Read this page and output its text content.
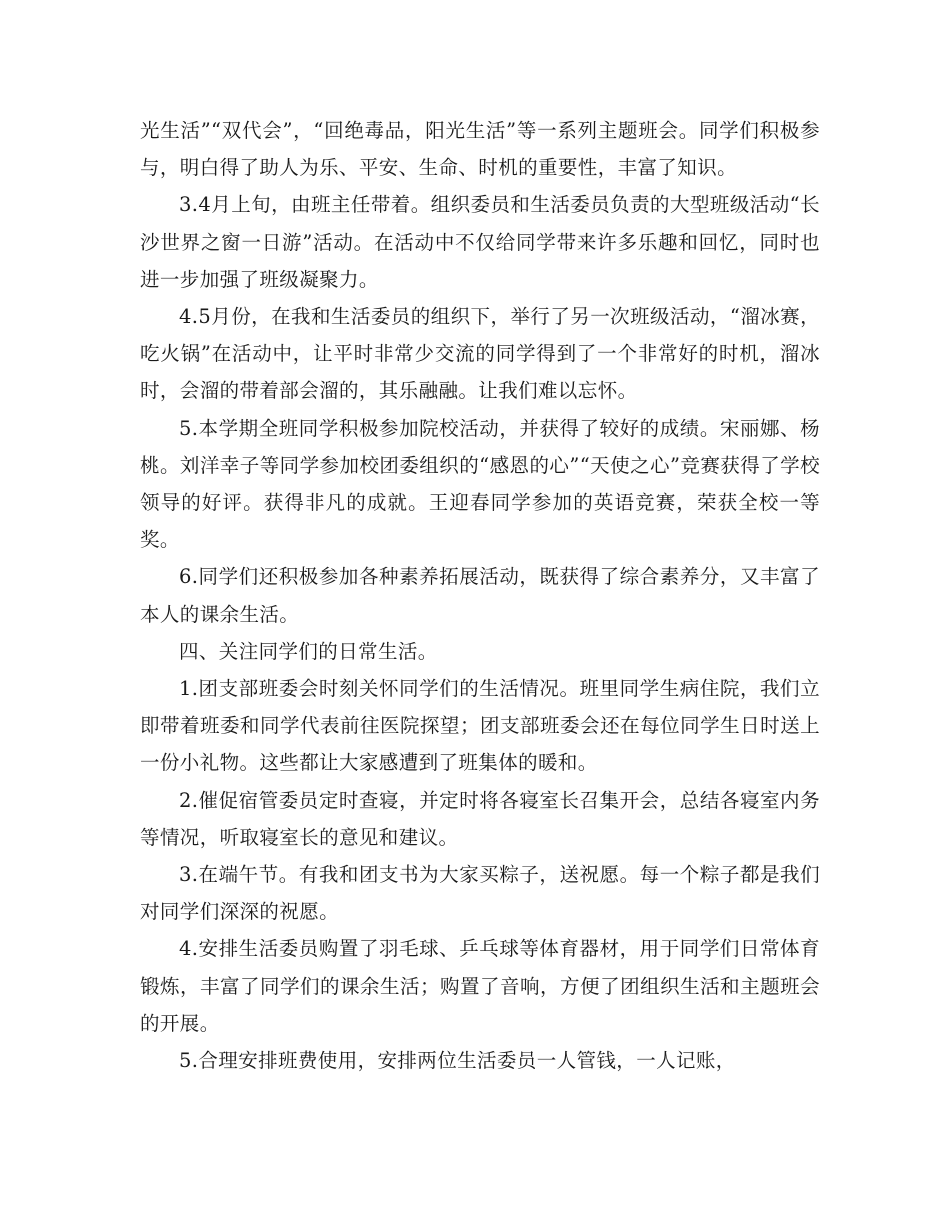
光生活”“双代会”，“回绝毒品，阳光生活”等一系列主题班会。同学们积极参与，明白得了助人为乐、平安、生命、时机的重要性，丰富了知识。

3.4月上旬，由班主任带着。组织委员和生活委员负责的大型班级活动“长沙世界之窗一日游”活动。在活动中不仅给同学带来许多乐趣和回忆，同时也进一步加强了班级凝聚力。

4.5月份，在我和生活委员的组织下，举行了另一次班级活动，“溜冰赛，吃火锅”在活动中，让平时非常少交流的同学得到了一个非常好的时机，溜冰时，会溜的带着部会溜的，其乐融融。让我们难以忘怀。

5.本学期全班同学积极参加院校活动，并获得了较好的成绩。宋丽娜、杨桃。刘洋幸子等同学参加校团委组织的“感恩的心”“天使之心”竞赛获得了学校领导的好评。获得非凡的成就。王迎春同学参加的英语竞赛，荣获全校一等奖。

6.同学们还积极参加各种素养拓展活动，既获得了综合素养分，又丰富了本人的课余生活。

四、关注同学们的日常生活。

1.团支部班委会时刻关怀同学们的生活情况。班里同学生病住院，我们立即带着班委和同学代表前往医院探望；团支部班委会还在每位同学生日时送上一份小礼物。这些都让大家感遭到了班集体的暖和。

2.催促宿管委员定时查寝，并定时将各寝室长召集开会，总结各寝室内务等情况，听取寝室长的意见和建议。

3.在端午节。有我和团支书为大家买粽子，送祝愿。每一个粽子都是我们对同学们深深的祝愿。

4.安排生活委员购置了羽毛球、乒乓球等体育器材，用于同学们日常体育锻炼，丰富了同学们的课余生活；购置了音响，方便了团组织生活和主题班会的开展。

5.合理安排班费使用，安排两位生活委员一人管钱，一人记账，
